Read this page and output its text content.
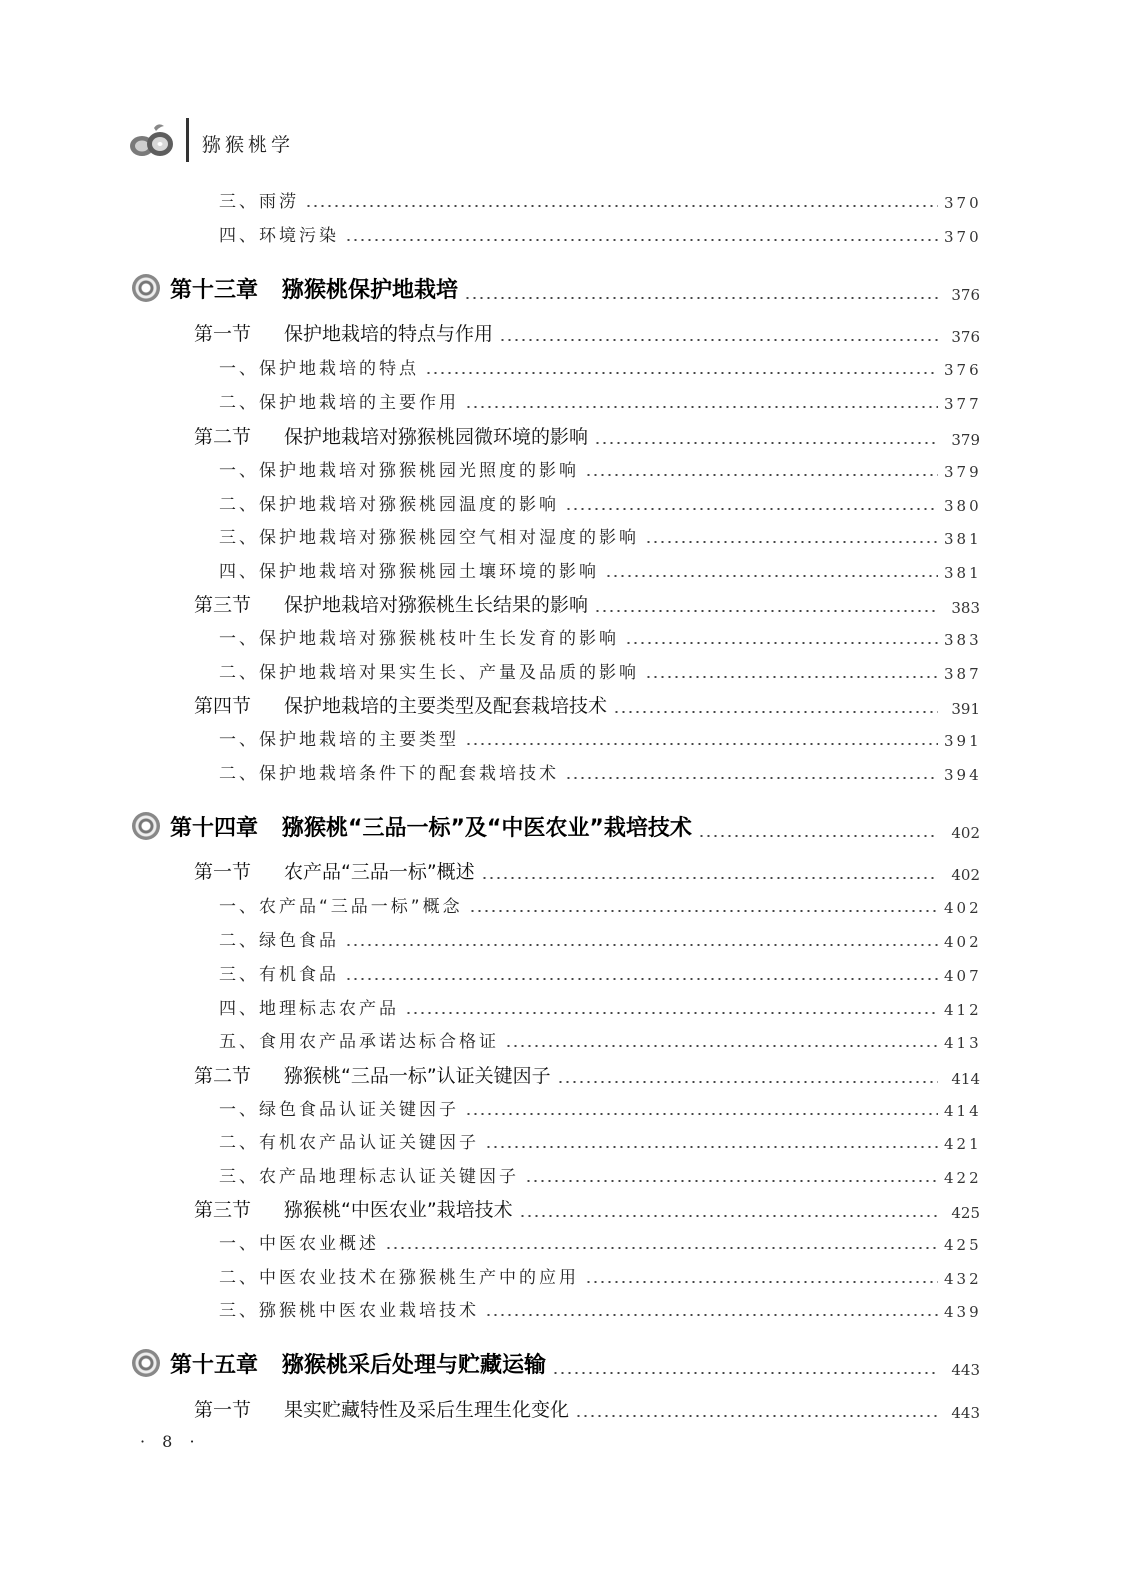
猕猴桃学
三、雨涝	370
四、环境污染	370
第十三章 猕猴桃保护地栽培	376
第一节 保护地栽培的特点与作用	376
一、保护地栽培的特点	376
二、保护地栽培的主要作用	377
第二节 保护地栽培对猕猴桃园微环境的影响	379
一、保护地栽培对猕猴桃园光照度的影响	379
二、保护地栽培对猕猴桃园温度的影响	380
三、保护地栽培对猕猴桃园空气相对湿度的影响	381
四、保护地栽培对猕猴桃园土壤环境的影响	381
第三节 保护地栽培对猕猴桃生长结果的影响	383
一、保护地栽培对猕猴桃枝叶生长发育的影响	383
二、保护地栽培对果实生长、产量及品质的影响	387
第四节 保护地栽培的主要类型及配套栽培技术	391
一、保护地栽培的主要类型	391
二、保护地栽培条件下的配套栽培技术	394
第十四章 猕猴桃“三品一标”及“中医农业”栽培技术	402
第一节 农产品“三品一标”概述	402
一、农产品“三品一标”概念	402
二、绿色食品	402
三、有机食品	407
四、地理标志农产品	412
五、食用农产品承诺达标合格证	413
第二节 猕猴桃“三品一标”认证关键因子	414
一、绿色食品认证关键因子	414
二、有机农产品认证关键因子	421
三、农产品地理标志认证关键因子	422
第三节 猕猴桃“中医农业”栽培技术	425
一、中医农业概述	425
二、中医农业技术在猕猴桃生产中的应用	432
三、猕猴桃中医农业栽培技术	439
第十五章 猕猴桃采后处理与贮藏运输	443
第一节 果实贮藏特性及采后生理生化变化	443
· 8 ·
